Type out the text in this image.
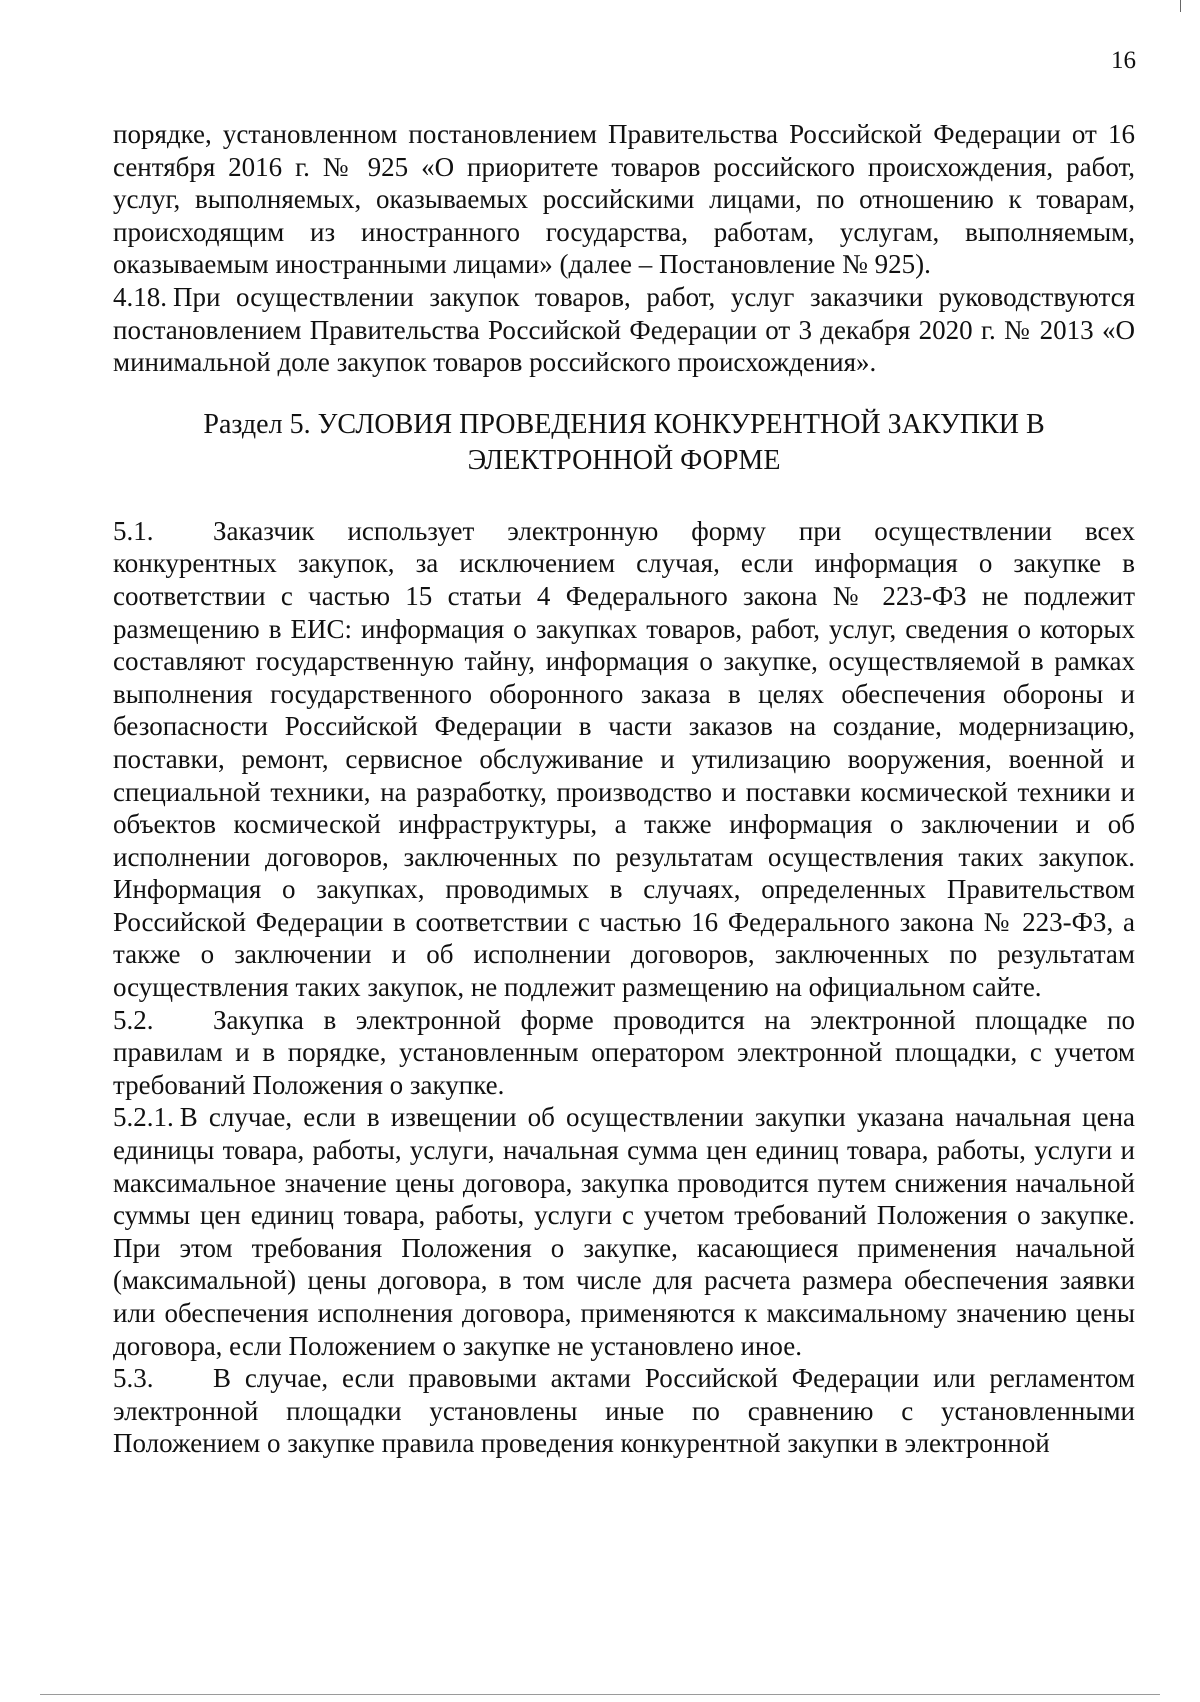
16

порядке, установленном постановлением Правительства Российской Федерации от 16 сентября 2016 г. № 925 «О приоритете товаров российского происхождения, работ, услуг, выполняемых, оказываемых российскими лицами, по отношению к товарам, происходящим из иностранного государства, работам, услугам, выполняемым, оказываемым иностранными лицами» (далее – Постановление № 925).

4.18. При осуществлении закупок товаров, работ, услуг заказчики руководствуются постановлением Правительства Российской Федерации от 3 декабря 2020 г. № 2013 «О минимальной доле закупок товаров российского происхождения».

Раздел 5. УСЛОВИЯ ПРОВЕДЕНИЯ КОНКУРЕНТНОЙ ЗАКУПКИ В
ЭЛЕКТРОННОЙ ФОРМЕ

5.1. Заказчик использует электронную форму при осуществлении всех конкурентных закупок, за исключением случая, если информация о закупке в соответствии с частью 15 статьи 4 Федерального закона № 223-ФЗ не подлежит размещению в ЕИС: информация о закупках товаров, работ, услуг, сведения о которых составляют государственную тайну, информация о закупке, осуществляемой в рамках выполнения государственного оборонного заказа в целях обеспечения обороны и безопасности Российской Федерации в части заказов на создание, модернизацию, поставки, ремонт, сервисное обслуживание и утилизацию вооружения, военной и специальной техники, на разработку, производство и поставки космической техники и объектов космической инфраструктуры, а также информация о заключении и об исполнении договоров, заключенных по результатам осуществления таких закупок. Информация о закупках, проводимых в случаях, определенных Правительством Российской Федерации в соответствии с частью 16 Федерального закона № 223-ФЗ, а также о заключении и об исполнении договоров, заключенных по результатам осуществления таких закупок, не подлежит размещению на официальном сайте.

5.2. Закупка в электронной форме проводится на электронной площадке по правилам и в порядке, установленным оператором электронной площадки, с учетом требований Положения о закупке.

5.2.1. В случае, если в извещении об осуществлении закупки указана начальная цена единицы товара, работы, услуги, начальная сумма цен единиц товара, работы, услуги и максимальное значение цены договора, закупка проводится путем снижения начальной суммы цен единиц товара, работы, услуги с учетом требований Положения о закупке. При этом требования Положения о закупке, касающиеся применения начальной (максимальной) цены договора, в том числе для расчета размера обеспечения заявки или обеспечения исполнения договора, применяются к максимальному значению цены договора, если Положением о закупке не установлено иное.

5.3. В случае, если правовыми актами Российской Федерации или регламентом электронной площадки установлены иные по сравнению с установленными Положением о закупке правила проведения конкурентной закупки в электронной
